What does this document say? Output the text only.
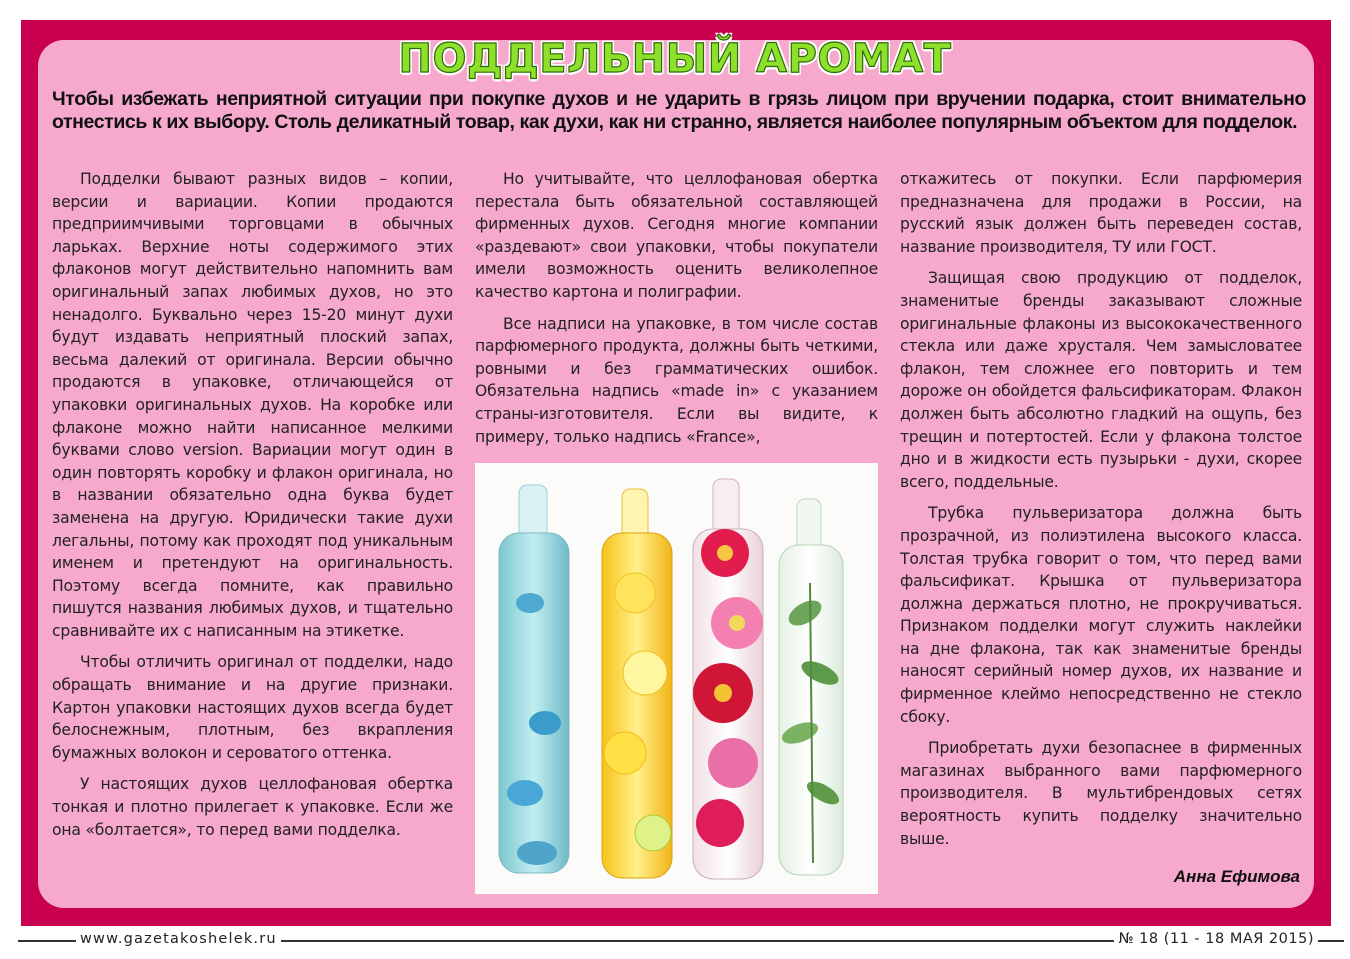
ПОДДЕЛЬНЫЙ АРОМАТ
Чтобы избежать неприятной ситуации при покупке духов и не ударить в грязь лицом при вручении подарка, стоит внимательно отнестись к их выбору. Столь деликатный товар, как духи, как ни странно, является наиболее популярным объектом для подделок.

Подделки бывают разных видов – копии, версии и вариации. Копии продаются предприимчивыми торговцами в обычных ларьках. Верхние ноты содержимого этих флаконов могут действительно напомнить вам оригинальный запах любимых духов, но это ненадолго. Буквально через 15-20 минут духи будут издавать неприятный плоский запах, весьма далекий от оригинала. Версии обычно продаются в упаковке, отличающейся от упаковки оригинальных духов. На коробке или флаконе можно найти написанное мелкими буквами слово version. Вариации могут один в один повторять коробку и флакон оригинала, но в названии обязательно одна буква будет заменена на другую. Юридически такие духи легальны, потому как проходят под уникальным именем и претендуют на оригинальность. Поэтому всегда помните, как правильно пишутся названия любимых духов, и тщательно сравнивайте их с написанным на этикетке.

Чтобы отличить оригинал от подделки, надо обращать внимание и на другие признаки. Картон упаковки настоящих духов всегда будет белоснежным, плотным, без вкрапления бумажных волокон и сероватого оттенка.

У настоящих духов целлофановая обертка тонкая и плотно прилегает к упаковке. Если же она «болтается», то перед вами подделка.

Но учитывайте, что целлофановая обертка перестала быть обязательной составляющей фирменных духов. Сегодня многие компании «раздевают» свои упаковки, чтобы покупатели имели возможность оценить великолепное качество картона и полиграфии.

Все надписи на упаковке, в том числе состав парфюмерного продукта, должны быть четкими, ровными и без грамматических ошибок. Обязательна надпись «made in» с указанием страны-изготовителя. Если вы видите, к примеру, только надпись «France»,

откажитесь от покупки. Если парфюмерия предназначена для продажи в России, на русский язык должен быть переведен состав, название производителя, ТУ или ГОСТ.

Защищая свою продукцию от подделок, знаменитые бренды заказывают сложные оригинальные флаконы из высококачественного стекла или даже хрусталя. Чем замысловатее флакон, тем сложнее его повторить и тем дороже он обойдется фальсификаторам. Флакон должен быть абсолютно гладкий на ощупь, без трещин и потертостей. Если у флакона толстое дно и в жидкости есть пузырьки - духи, скорее всего, поддельные.

Трубка пульверизатора должна быть прозрачной, из полиэтилена высокого класса. Толстая трубка говорит о том, что перед вами фальсификат. Крышка от пульверизатора должна держаться плотно, не прокручиваться. Признаком подделки могут служить наклейки на дне флакона, так как знаменитые бренды наносят серийный номер духов, их название и фирменное клеймо непосредственно не стекло сбоку.

Приобретать духи безопаснее в фирменных магазинах выбранного вами парфюмерного производителя. В мультибрендовых сетях вероятность купить подделку значительно выше.

Анна Ефимова
www.gazetakoshelek.ru	№ 18 (11 - 18 МАЯ 2015)
